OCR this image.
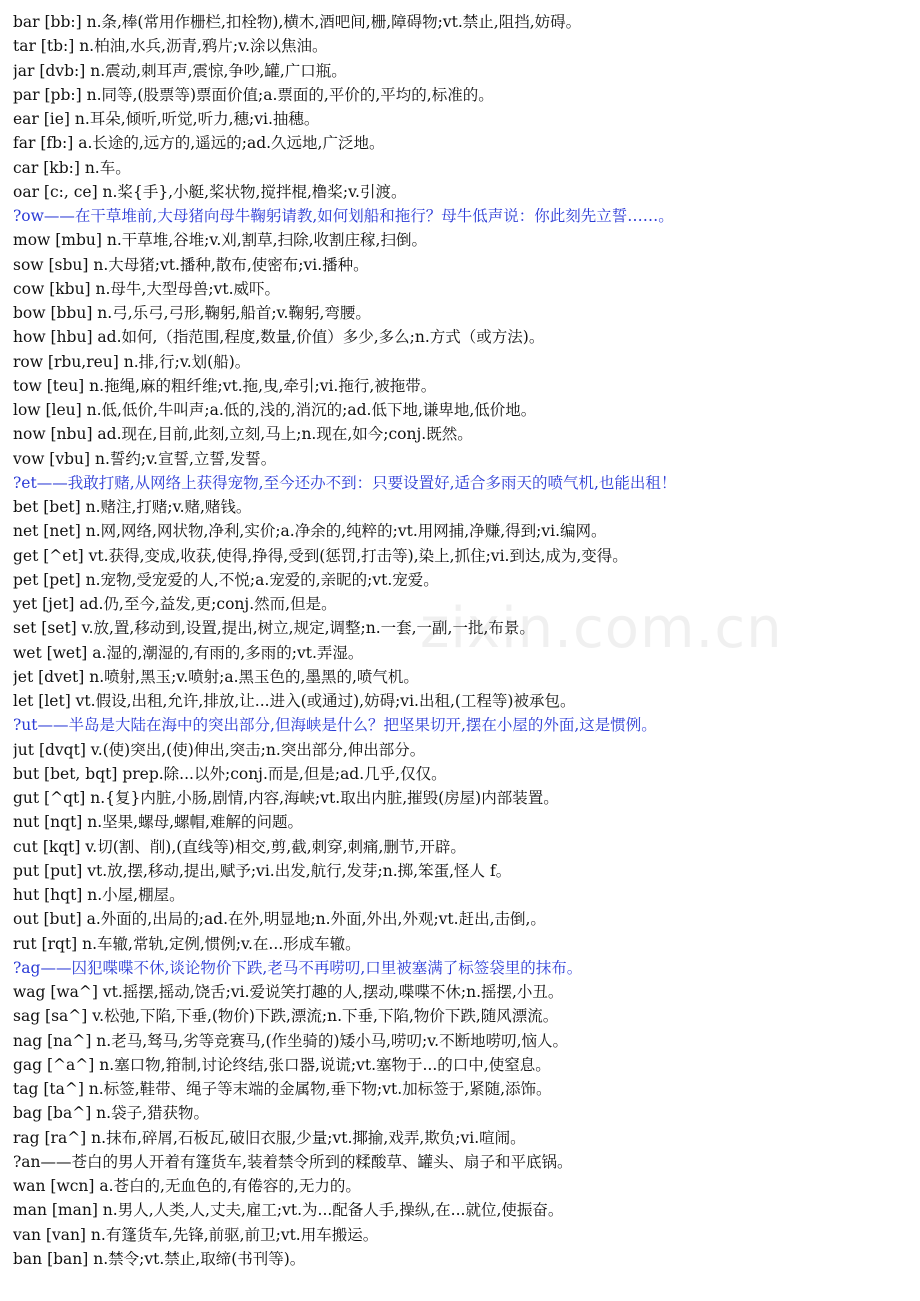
bar [bb:] n.条,棒(常用作栅栏,扣栓物),横木,酒吧间,栅,障碍物;vt.禁止,阻挡,妨碍。
tar [tb:] n.柏油,水兵,沥青,鸦片;v.涂以焦油。
jar [dvb:] n.震动,刺耳声,震惊,争吵,罐,广口瓶。
par [pb:] n.同等,(股票等)票面价值;a.票面的,平价的,平均的,标准的。
ear [ie] n.耳朵,倾听,听觉,听力,穗;vi.抽穗。
far [fb:] a.长途的,远方的,遥远的;ad.久远地,广泛地。
car [kb:] n.车。
oar [c:, ce] n.桨{手},小艇,桨状物,搅拌棍,橹桨;v.引渡。
?ow——在干草堆前,大母猪向母牛鞠躬请教,如何划船和拖行？母牛低声说：你此刻先立誓……。
mow [mbu] n.干草堆,谷堆;v.刈,割草,扫除,收割庄稼,扫倒。
sow [sbu] n.大母猪;vt.播种,散布,使密布;vi.播种。
cow [kbu] n.母牛,大型母兽;vt.威吓。
bow [bbu] n.弓,乐弓,弓形,鞠躬,船首;v.鞠躬,弯腰。
how [hbu] ad.如何,（指范围,程度,数量,价值）多少,多么;n.方式（或方法)。
row [rbu,reu] n.排,行;v.划(船)。
tow [teu] n.拖绳,麻的粗纤维;vt.拖,曳,牵引;vi.拖行,被拖带。
low [leu] n.低,低价,牛叫声;a.低的,浅的,消沉的;ad.低下地,谦卑地,低价地。
now [nbu] ad.现在,目前,此刻,立刻,马上;n.现在,如今;conj.既然。
vow [vbu] n.誓约;v.宣誓,立誓,发誓。
?et——我敢打赌,从网络上获得宠物,至今还办不到：只要设置好,适合多雨天的喷气机,也能出租！
bet [bet] n.赌注,打赌;v.赌,赌钱。
net [net] n.网,网络,网状物,净利,实价;a.净余的,纯粹的;vt.用网捕,净赚,得到;vi.编网。
get [^et] vt.获得,变成,收获,使得,挣得,受到(惩罚,打击等),染上,抓住;vi.到达,成为,变得。
pet [pet] n.宠物,受宠爱的人,不悦;a.宠爱的,亲昵的;vt.宠爱。
yet [jet] ad.仍,至今,益发,更;conj.然而,但是。
set [set] v.放,置,移动到,设置,提出,树立,规定,调整;n.一套,一副,一批,布景。
wet [wet] a.湿的,潮湿的,有雨的,多雨的;vt.弄湿。
jet [dvet] n.喷射,黑玉;v.喷射;a.黑玉色的,墨黑的,喷气机。
let [let] vt.假设,出租,允许,排放,让...进入(或通过),妨碍;vi.出租,(工程等)被承包。
?ut——半岛是大陆在海中的突出部分,但海峡是什么？把坚果切开,摆在小屋的外面,这是惯例。
jut [dvqt] v.(使)突出,(使)伸出,突击;n.突出部分,伸出部分。
but [bet, bqt] prep.除...以外;conj.而是,但是;ad.几乎,仅仅。
gut [^qt] n.{复}内脏,小肠,剧情,内容,海峡;vt.取出内脏,摧毁(房屋)内部装置。
nut [nqt] n.坚果,螺母,螺帽,难解的问题。
cut [kqt] v.切(割、削),(直线等)相交,剪,截,刺穿,刺痛,删节,开辟。
put [put] vt.放,摆,移动,提出,赋予;vi.出发,航行,发芽;n.掷,笨蛋,怪人 f。
hut [hqt] n.小屋,棚屋。
out [but] a.外面的,出局的;ad.在外,明显地;n.外面,外出,外观;vt.赶出,击倒,。
rut [rqt] n.车辙,常轨,定例,惯例;v.在...形成车辙。
?ag——囚犯喋喋不休,谈论物价下跌,老马不再唠叨,口里被塞满了标签袋里的抹布。
wag [wa^] vt.摇摆,摇动,饶舌;vi.爱说笑打趣的人,摆动,喋喋不休;n.摇摆,小丑。
sag [sa^] v.松弛,下陷,下垂,(物价)下跌,漂流;n.下垂,下陷,物价下跌,随风漂流。
nag [na^] n.老马,驽马,劣等竞赛马,(作坐骑的)矮小马,唠叨;v.不断地唠叨,恼人。
gag [^a^] n.塞口物,箝制,讨论终结,张口器,说谎;vt.塞物于...的口中,使窒息。
tag [ta^] n.标签,鞋带、绳子等末端的金属物,垂下物;vt.加标签于,紧随,添饰。
bag [ba^] n.袋子,猎获物。
rag [ra^] n.抹布,碎屑,石板瓦,破旧衣服,少量;vt.揶揄,戏弄,欺负;vi.喧闹。
?an——苍白的男人开着有篷货车,装着禁令所到的糅酸草、罐头、扇子和平底锅。
wan [wcn] a.苍白的,无血色的,有倦容的,无力的。
man [man] n.男人,人类,人,丈夫,雇工;vt.为...配备人手,操纵,在...就位,使振奋。
van [van] n.有篷货车,先锋,前驱,前卫;vt.用车搬运。
ban [ban] n.禁令;vt.禁止,取缔(书刊等)。
zixin.com.cn
